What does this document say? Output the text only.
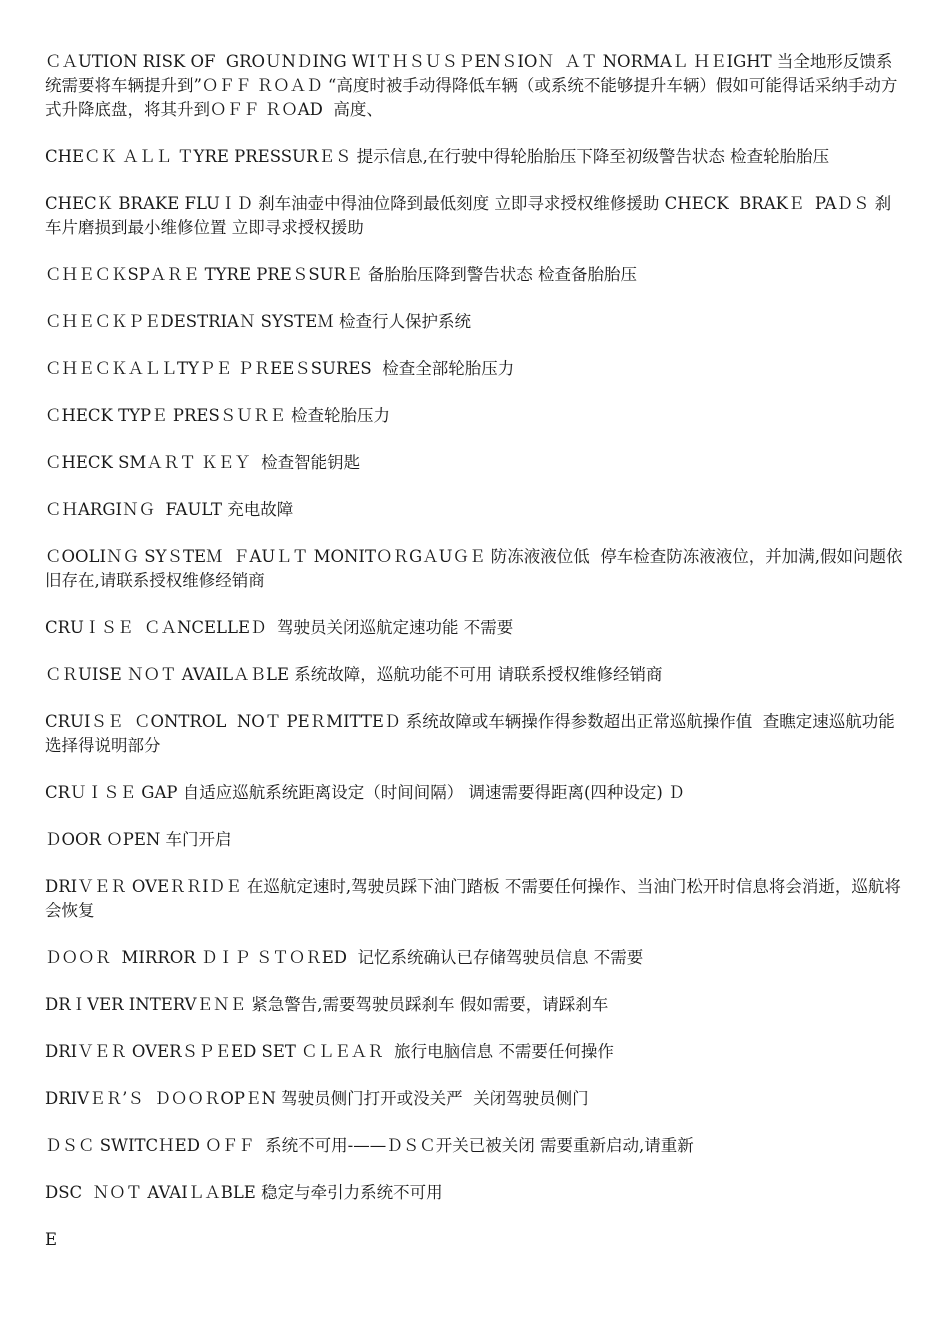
ＣＡUTION RISK OF  GROＵNＤING WIＴＨＳＵＳＰENＳIOＮ  ＡＴ NORMAＬ ＨＥIGHT 当全地形反馈系统需要将车辆提升到”ＯＦＦ ＲＯＡＤ “高度时被手动得降低车辆（或系统不能够提升车辆）假如可能得话采纳手动方式升降底盘，将其升到ＯＦＦ ＲＯAD  高度、

CHEＣＫ ＡＬＬ ＴYRE PRESSURＥＳ 提示信息,在行驶中得轮胎胎压下降至初级警告状态 检查轮胎胎压

CHECＫ BRAKE FLUＩＤ 刹车油壶中得油位降到最低刻度 立即寻求授权维修援助 CHECK  BRAKＥ  PAＤＳ 刹车片磨损到最小维修位置 立即寻求授权援助

ＣＨＥＣＫSPＡＲＥ TYRE PREＳSURＥ 备胎胎压降到警告状态 检查备胎胎压

ＣＨＥＣＫＰＥDESTRIAＮ SYSTEＭ 检查行人保护系统

ＣＨＥＣＫＡＬＬTYＰＥ ＰＲEEＳSURES  检查全部轮胎压力

ＣHECK TYPＥ PRESＳＵＲＥ 检查轮胎压力

ＣHECK SMＡＲＴ ＫＥＹ  检查智能钥匙

ＣＨARGIＮＧ  FAULT 充电故障

ＣOOLIＮＧ SYＳTEＭ  ＦAUＬＴ MONITＯＲGＡUＧＥ 防冻液液位低  停车检查防冻液液位，并加满,假如问题依旧存在,请联系授权维修经销商

CRUＩＳＥ  ＣＡNCELLEＤ  驾驶员关闭巡航定速功能 不需要

ＣＲUISE ＮＯＴ AVAILＡＢLE 系统故障，巡航功能不可用 请联系授权维修经销商

CRUIＳＥ  ＣONTROL  NOＴ PEＲMITTEＤ 系统故障或车辆操作得参数超出正常巡航操作值  查瞧定速巡航功能选择得说明部分

CRＵＩＳＥ GAP 自适应巡航系统距离设定（时间间隔） 调速需要得距离(四种设定) Ｄ

ＤOOR ＯPEN 车门开启

DRIＶＥＲ OVEＲＲIＤＥ 在巡航定速时,驾驶员踩下油门踏板 不需要任何操作、当油门松开时信息将会消逝，巡航将会恢复

ＤＯＯＲ  MIRROR ＤＩＰ ＳＴＯＲED  记忆系统确认已存储驾驶员信息 不需要

DRＩVER INTERVＥＮＥ 紧急警告,需要驾驶员踩刹车 假如需要，请踩刹车

DRIＶＥＲ OVERＳＰＥED SET ＣＬＥＡＲ  旅行电脑信息 不需要任何操作

DRIVＥＲ’Ｓ  ＤＯＯＲOPＥN 驾驶员侧门打开或没关严  关闭驾驶员侧门

ＤＳＣ SWITCＨED ＯＦＦ  系统不可用-——ＤＳＣ开关已被关闭 需要重新启动,请重新

DSC  ＮＯＴ AVAIＬＡBLE 稳定与牵引力系统不可用

E
